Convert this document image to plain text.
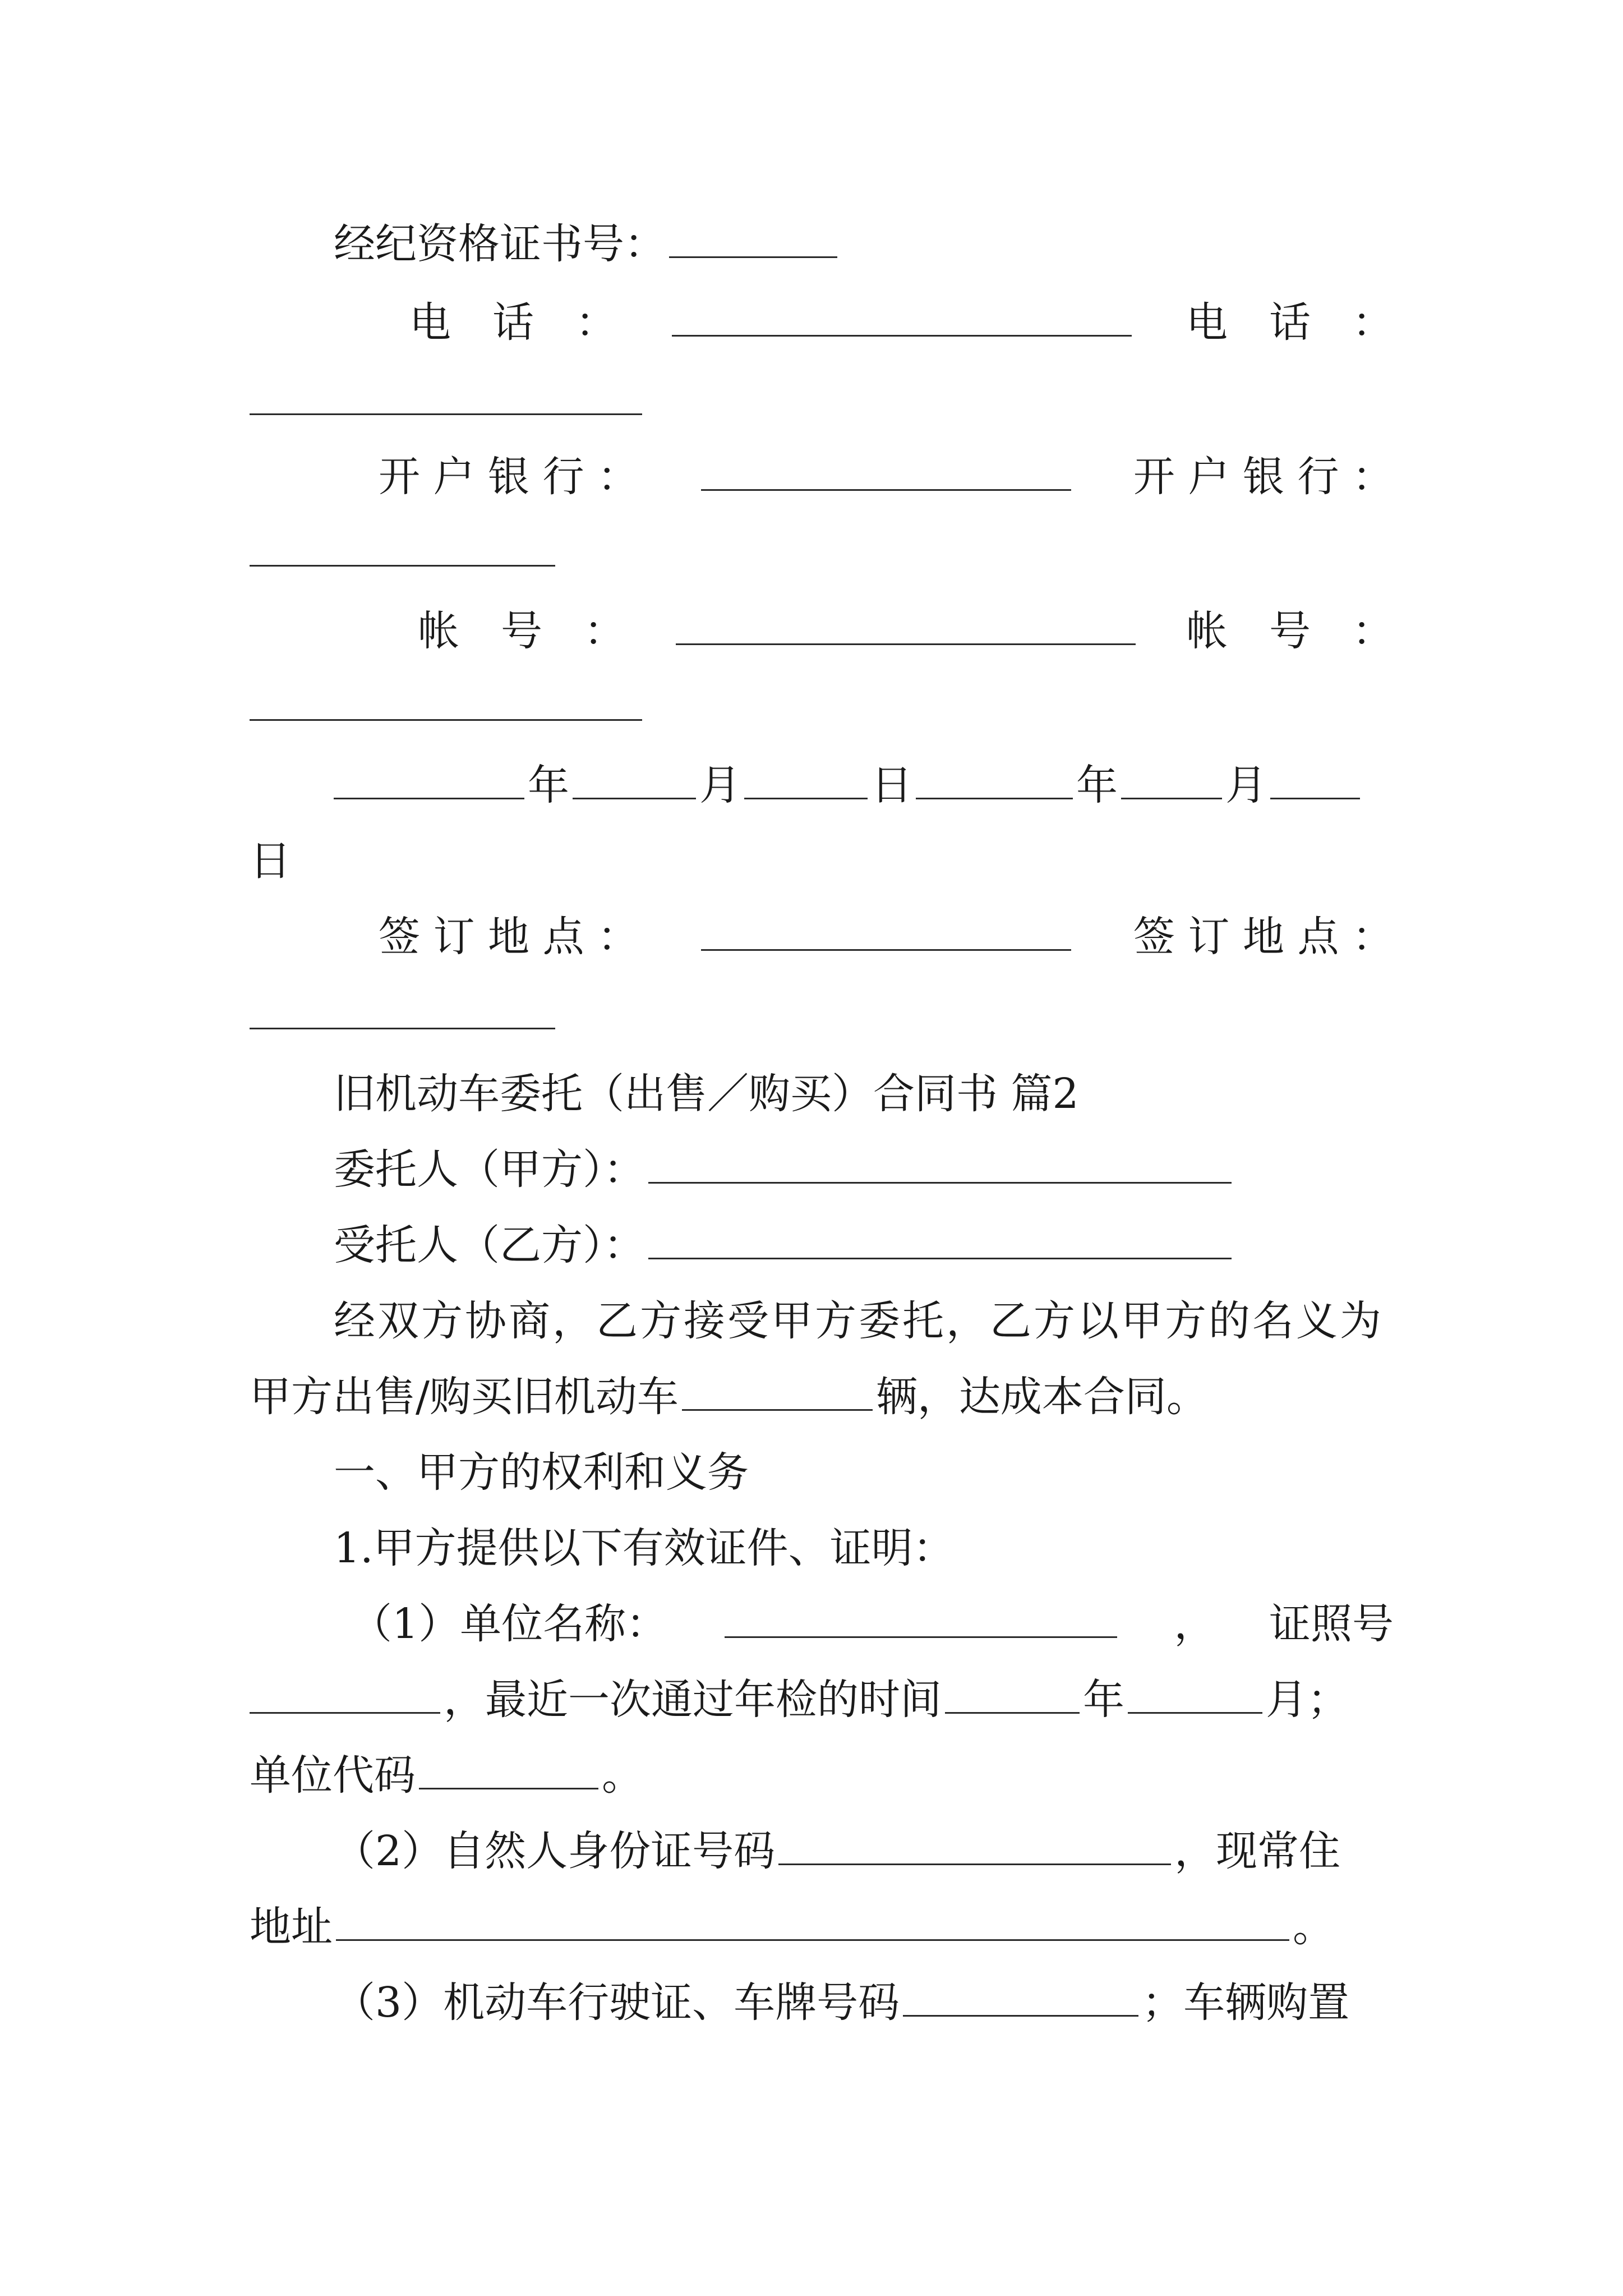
经纪资格证书号：
电　话　：	电　话　：
开 户 银 行 ：	开 户 银 行 ：
帐　号　：	帐　号　：
年	月	日	年	月
日
签 订 地 点 ：	签 订 地 点 ：
旧机动车委托（出售／购买）合同书 篇2
委托人（甲方）：
受托人（乙方）：
经双方协商，乙方接受甲方委托，乙方以甲方的名义为
甲方出售/购买旧机动车	辆，达成本合同。
一、甲方的权利和义务
1.甲方提供以下有效证件、证明：
（1）单位名称：	， 证照号
，最近一次通过年检的时间	年	月；
单位代码	。
（2）自然人身份证号码	，现常住
地址	。
（3）机动车行驶证、车牌号码	；车辆购置
